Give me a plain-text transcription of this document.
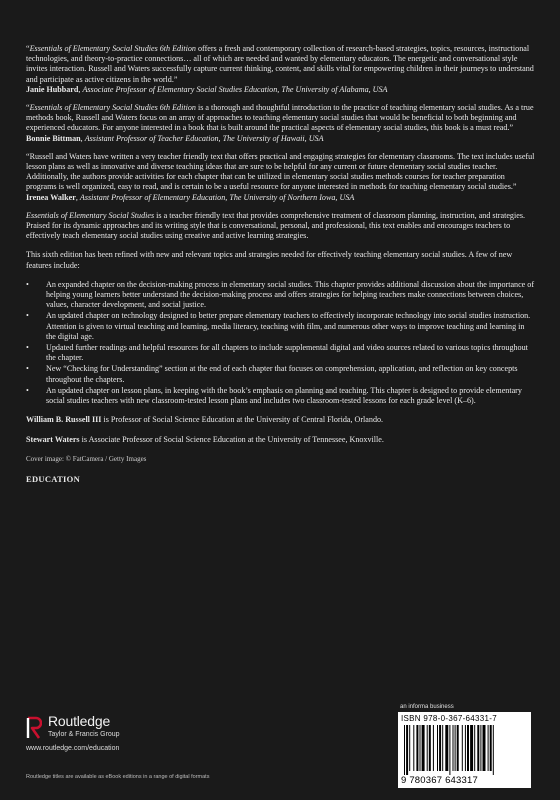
“Essentials of Elementary Social Studies 6th Edition offers a fresh and contemporary collection of research-based strategies, topics, resources, instructional technologies, and theory-to-practice connections… all of which are needed and wanted by elementary educators. The energetic and conversational style invites interaction. Russell and Waters successfully capture current thinking, content, and skills vital for empowering children in their journeys to understand and participate as active citizens in the world.”
Janie Hubbard, Associate Professor of Elementary Social Studies Education, The University of Alabama, USA
“Essentials of Elementary Social Studies 6th Edition is a thorough and thoughtful introduction to the practice of teaching elementary social studies. As a true methods book, Russell and Waters focus on an array of approaches to teaching elementary social studies that would be beneficial to both beginning and experienced educators. For anyone interested in a book that is built around the practical aspects of elementary social studies, this book is a must read.”
Bonnie Bittman, Assistant Professor of Teacher Education, The University of Hawaii, USA
“Russell and Waters have written a very teacher friendly text that offers practical and engaging strategies for elementary classrooms. The text includes useful lesson plans as well as innovative and diverse teaching ideas that are sure to be helpful for any current or future elementary social studies teacher. Additionally, the authors provide activities for each chapter that can be utilized in elementary social studies methods courses for teacher preparation programs is well organized, easy to read, and is certain to be a useful resource for anyone interested in methods for teaching elementary social studies.”
Irenea Walker, Assistant Professor of Elementary Education, The University of Northern Iowa, USA
Essentials of Elementary Social Studies is a teacher friendly text that provides comprehensive treatment of classroom planning, instruction, and strategies. Praised for its dynamic approaches and its writing style that is conversational, personal, and professional, this text enables and encourages teachers to effectively teach elementary social studies using creative and active learning strategies.
This sixth edition has been refined with new and relevant topics and strategies needed for effectively teaching elementary social studies. A few of new features include:
• An expanded chapter on the decision-making process in elementary social studies. This chapter provides additional discussion about the importance of helping young learners better understand the decision-making process and offers strategies for helping teachers make connections between choices, values, character development, and social justice.
• An updated chapter on technology designed to better prepare elementary teachers to effectively incorporate technology into social studies instruction. Attention is given to virtual teaching and learning, media literacy, teaching with film, and numerous other ways to improve teaching and learning in the digital age.
• Updated further readings and helpful resources for all chapters to include supplemental digital and video sources related to various topics throughout the chapter.
• New “Checking for Understanding” section at the end of each chapter that focuses on comprehension, application, and reflection on key concepts throughout the chapters.
• An updated chapter on lesson plans, in keeping with the book’s emphasis on planning and teaching. This chapter is designed to provide elementary social studies teachers with new classroom-tested lesson plans and includes two classroom-tested lessons for each grade level (K–6).
William B. Russell III is Professor of Social Science Education at the University of Central Florida, Orlando.
Stewart Waters is Associate Professor of Social Science Education at the University of Tennessee, Knoxville.
Cover image: © FatCamera / Getty Images
EDUCATION
Routledge
Taylor & Francis Group
www.routledge.com/education
Routledge titles are available as eBook editions in a range of digital formats
an informa business
ISBN 978-0-367-64331-7
9 780367 643317
